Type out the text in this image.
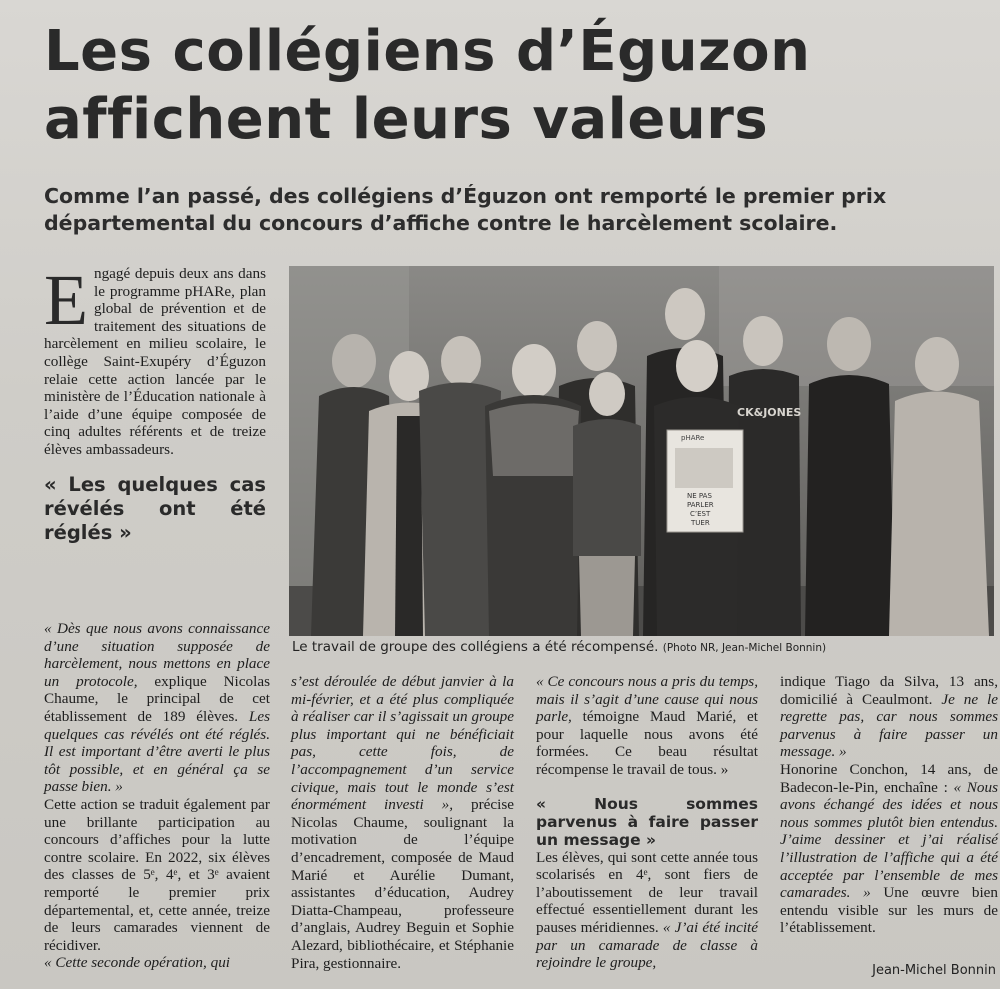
Les collégiens d’Éguzon
affichent leurs valeurs
Comme l’an passé, des collégiens d’Éguzon ont remporté le premier prix départemental du concours d’affiche contre le harcèlement scolaire.

Engagé depuis deux ans dans le programme pHARe, plan global de prévention et de traitement des situations de harcèlement en milieu scolaire, le collège Saint-Exupéry d’Éguzon relaie cette action lancée par le ministère de l’Éducation nationale à l’aide d’une équipe composée de cinq adultes référents et de treize élèves ambassadeurs.

« Les quelques cas révélés ont été réglés »

pHARe
NE PAS
PARLER
C’EST
TUER
CK&JONES
Le travail de groupe des collégiens a été récompensé. (Photo NR, Jean-Michel Bonnin)

« Dès que nous avons connaissance d’une situation supposée de harcèlement, nous mettons en place un protocole, explique Nicolas Chaume, le principal de cet établissement de 189 élèves. Les quelques cas révélés ont été réglés. Il est important d’être averti le plus tôt possible, et en général ça se passe bien. »

Cette action se traduit également par une brillante participation au concours d’affiches pour la lutte contre scolaire. En 2022, six élèves des classes de 5ᵉ, 4ᵉ, et 3ᵉ avaient remporté le premier prix départemental, et, cette année, treize de leurs camarades viennent de récidiver.

« Cette seconde opération, qui

s’est déroulée de début janvier à la mi-février, et a été plus compliquée à réaliser car il s’agissait un groupe plus important qui ne bénéficiait pas, cette fois, de l’accompagnement d’un service civique, mais tout le monde s’est énormément investi », précise Nicolas Chaume, soulignant la motivation de l’équipe d’encadrement, composée de Maud Marié et Aurélie Dumant, assistantes d’éducation, Audrey Diatta-Champeau, professeure d’anglais, Audrey Beguin et Sophie Alezard, bibliothécaire, et Stéphanie Pira, gestionnaire.

« Ce concours nous a pris du temps, mais il s’agit d’une cause qui nous parle, témoigne Maud Marié, et pour laquelle nous avons été formées. Ce beau résultat récompense le travail de tous. »

« Nous sommes parvenus à faire passer un message »

Les élèves, qui sont cette année tous scolarisés en 4ᵉ, sont fiers de l’aboutissement de leur travail effectué essentiellement durant les pauses méridiennes. « J’ai été incité par un camarade de classe à rejoindre le groupe,

indique Tiago da Silva, 13 ans, domicilié à Ceaulmont. Je ne le regrette pas, car nous sommes parvenus à faire passer un message. »

Honorine Conchon, 14 ans, de Badecon-le-Pin, enchaîne : « Nous avons échangé des idées et nous nous sommes plutôt bien entendus. J’aime dessiner et j’ai réalisé l’illustration de l’affiche qui a été acceptée par l’ensemble de mes camarades. » Une œuvre bien entendu visible sur les murs de l’établissement.

Jean-Michel Bonnin
